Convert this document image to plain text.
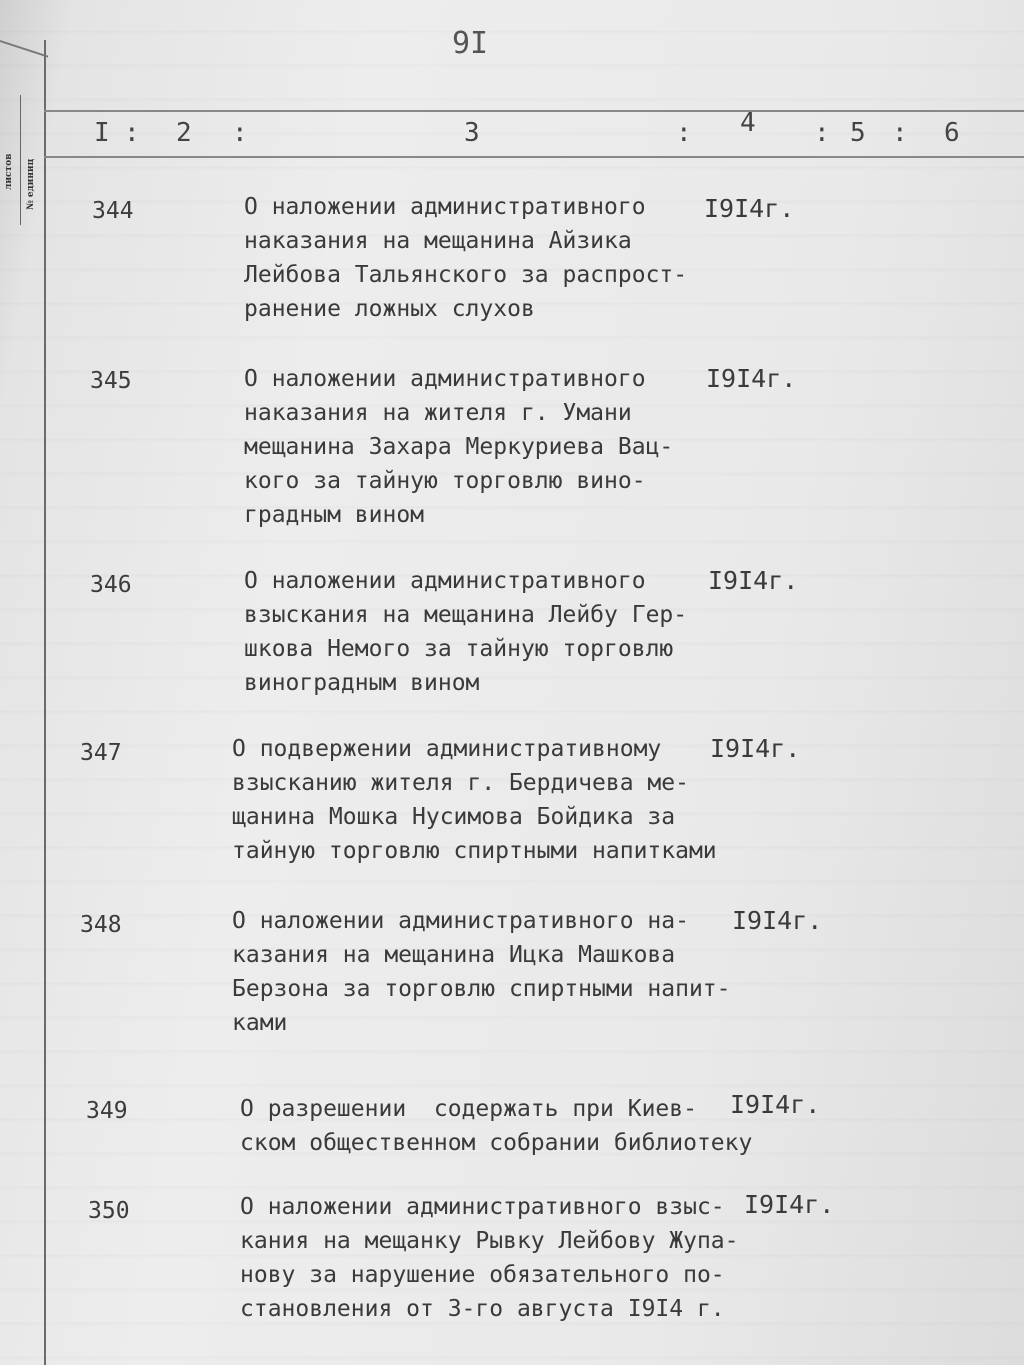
листов № единиц
9I
I : 2 :	3	: 4 : 5 : 6
344	О наложении административного
наказания на мещанина Айзика
Лейбова Тальянского за распрост-
ранение ложных слухов
I9I4г.
345	О наложении административного
наказания на жителя г. Умани
мещанина Захара Меркуриева Вац-
кого за тайную торговлю вино-
градным вином
I9I4г.
346	О наложении административного
взыскания на мещанина Лейбу Гер-
шкова Немого за тайную торговлю
виноградным вином
I9I4г.
347	О подвержении административному
взысканию жителя г. Бердичева ме-
щанина Мошка Нусимова Бойдика за
тайную торговлю спиртными напитками
I9I4г.
348	О наложении административного на-
казания на мещанина Ицка Машкова
Берзона за торговлю спиртными напит-
ками
I9I4г.
349	О разрешении  содержать при Киев-
ском общественном собрании библиотеку
I9I4г.
350	О наложении административного взыс-
кания на мещанку Рывку Лейбову Жупа-
нову за нарушение обязательного по-
становления от 3-го августа I9I4 г.
I9I4г.
